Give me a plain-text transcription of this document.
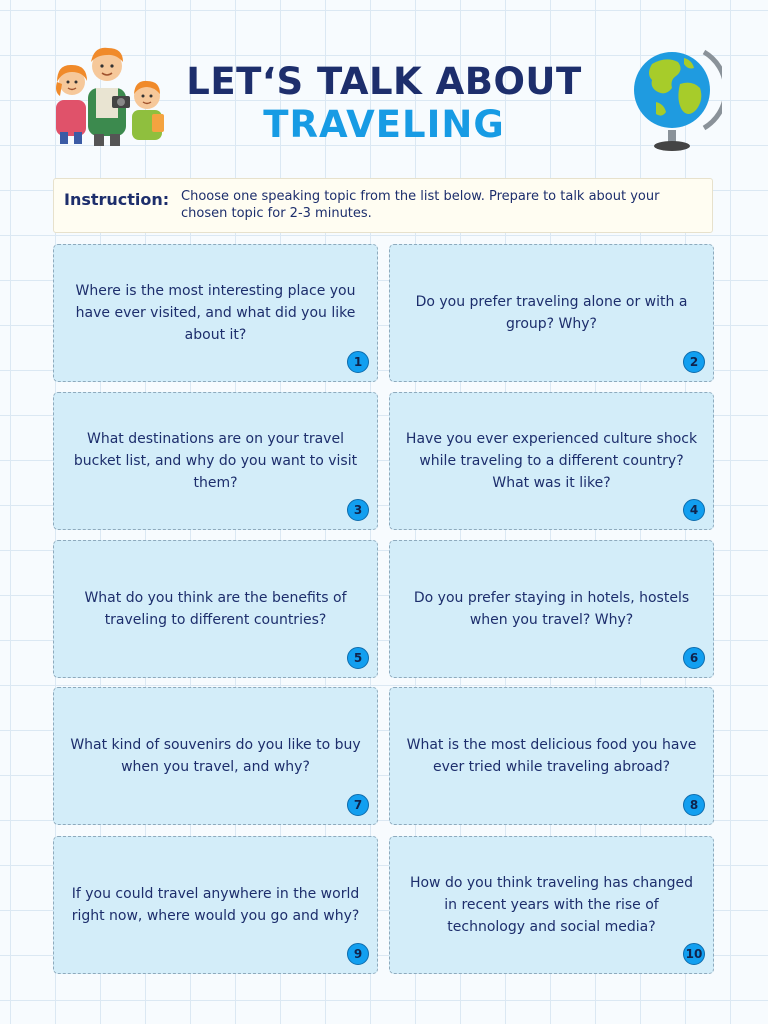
LET‘S TALK ABOUT
TRAVELING
Instruction: Choose one speaking topic from the list below. Prepare to talk about your chosen topic for 2-3 minutes.
Where is the most interesting place you have ever visited, and what did you like about it?
1
Do you prefer traveling alone or with a group? Why?
2
What destinations are on your travel bucket list, and why do you want to visit them?
3
Have you ever experienced culture shock while traveling to a different country? What was it like?
4
What do you think are the benefits of traveling to different countries?
5
Do you prefer staying in hotels, hostels when you travel? Why?
6
What kind of souvenirs do you like to buy when you travel, and why?
7
What is the most delicious food you have ever tried while traveling abroad?
8
If you could travel anywhere in the world right now, where would you go and why?
9
How do you think traveling has changed in recent years with the rise of technology and social media?
10
